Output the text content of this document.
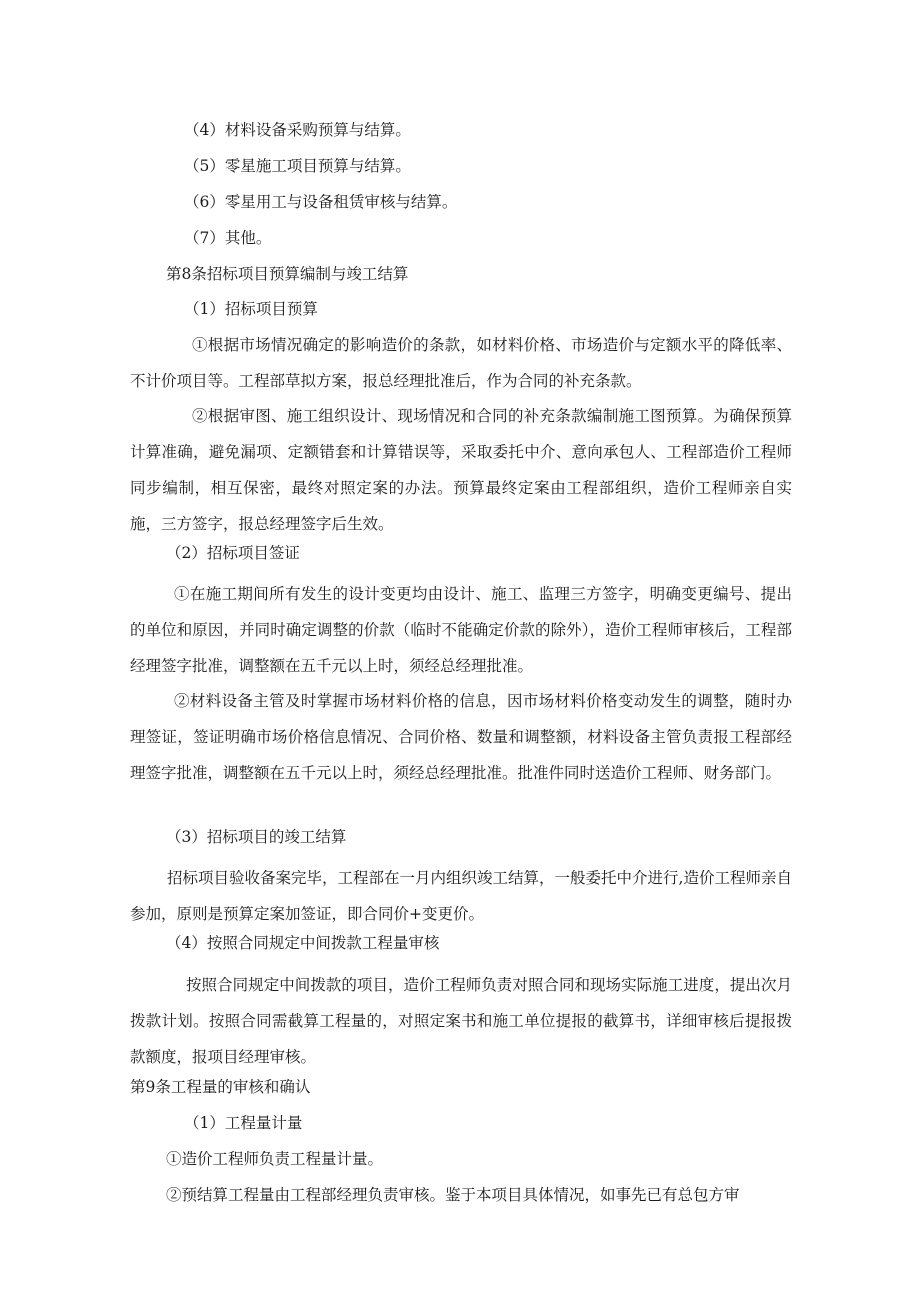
（4）材料设备采购预算与结算。

（5）零星施工项目预算与结算。

（6）零星用工与设备租赁审核与结算。

（7）其他。

第8条招标项目预算编制与竣工结算

（1）招标项目预算

①根据市场情况确定的影响造价的条款，如材料价格、市场造价与定额水平的降低率、不计价项目等。工程部草拟方案，报总经理批准后，作为合同的补充条款。

②根据审图、施工组织设计、现场情况和合同的补充条款编制施工图预算。为确保预算计算准确，避免漏项、定额错套和计算错误等，采取委托中介、意向承包人、工程部造价工程师同步编制，相互保密，最终对照定案的办法。预算最终定案由工程部组织，造价工程师亲自实施，三方签字，报总经理签字后生效。

（2）招标项目签证

①在施工期间所有发生的设计变更均由设计、施工、监理三方签字，明确变更编号、提出的单位和原因，并同时确定调整的价款（临时不能确定价款的除外），造价工程师审核后，工程部经理签字批准，调整额在五千元以上时，须经总经理批准。

②材料设备主管及时掌握市场材料价格的信息，因市场材料价格变动发生的调整，随时办理签证，签证明确市场价格信息情况、合同价格、数量和调整额，材料设备主管负责报工程部经理签字批准，调整额在五千元以上时，须经总经理批准。批准件同时送造价工程师、财务部门。

（3）招标项目的竣工结算

招标项目验收备案完毕，工程部在一月内组织竣工结算，一般委托中介进行,造价工程师亲自参加，原则是预算定案加签证，即合同价+变更价。

（4）按照合同规定中间拨款工程量审核

按照合同规定中间拨款的项目，造价工程师负责对照合同和现场实际施工进度，提出次月拨款计划。按照合同需截算工程量的，对照定案书和施工单位提报的截算书，详细审核后提报拨款额度，报项目经理审核。

第9条工程量的审核和确认

（1）工程量计量

①造价工程师负责工程量计量。

②预结算工程量由工程部经理负责审核。鉴于本项目具体情况，如事先已有总包方审
